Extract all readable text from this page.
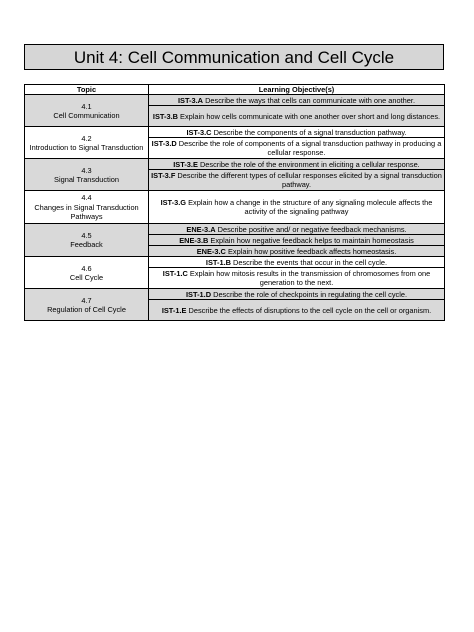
Unit 4: Cell Communication and Cell Cycle
Topic	Learning Objective(s)

4.1
Cell Communication	IST-3.A Describe the ways that cells can communicate with one another.
	IST-3.B Explain how cells communicate with one another over short and long distances.

4.2
Introduction to Signal Transduction	IST-3.C Describe the components of a signal transduction pathway.
	IST-3.D Describe the role of components of a signal transduction pathway in producing a cellular response.

4.3
Signal Transduction	IST-3.E Describe the role of the environment in eliciting a cellular response.
	IST-3.F Describe the different types of cellular responses elicited by a signal transduction pathway.

4.4
Changes in Signal Transduction Pathways	IST-3.G Explain how a change in the structure of any signaling molecule affects the activity of the signaling pathway

4.5
Feedback	ENE-3.A Describe positive and/ or negative feedback mechanisms.
	ENE-3.B Explain how negative feedback helps to maintain homeostasis
	ENE-3.C Explain how positive feedback affects homeostasis.

4.6
Cell Cycle	IST-1.B Describe the events that occur in the cell cycle.
	IST-1.C Explain how mitosis results in the transmission of chromosomes from one generation to the next.

4.7
Regulation of Cell Cycle	IST-1.D Describe the role of checkpoints in regulating the cell cycle.
	IST-1.E Describe the effects of disruptions to the cell cycle on the cell or organism.
